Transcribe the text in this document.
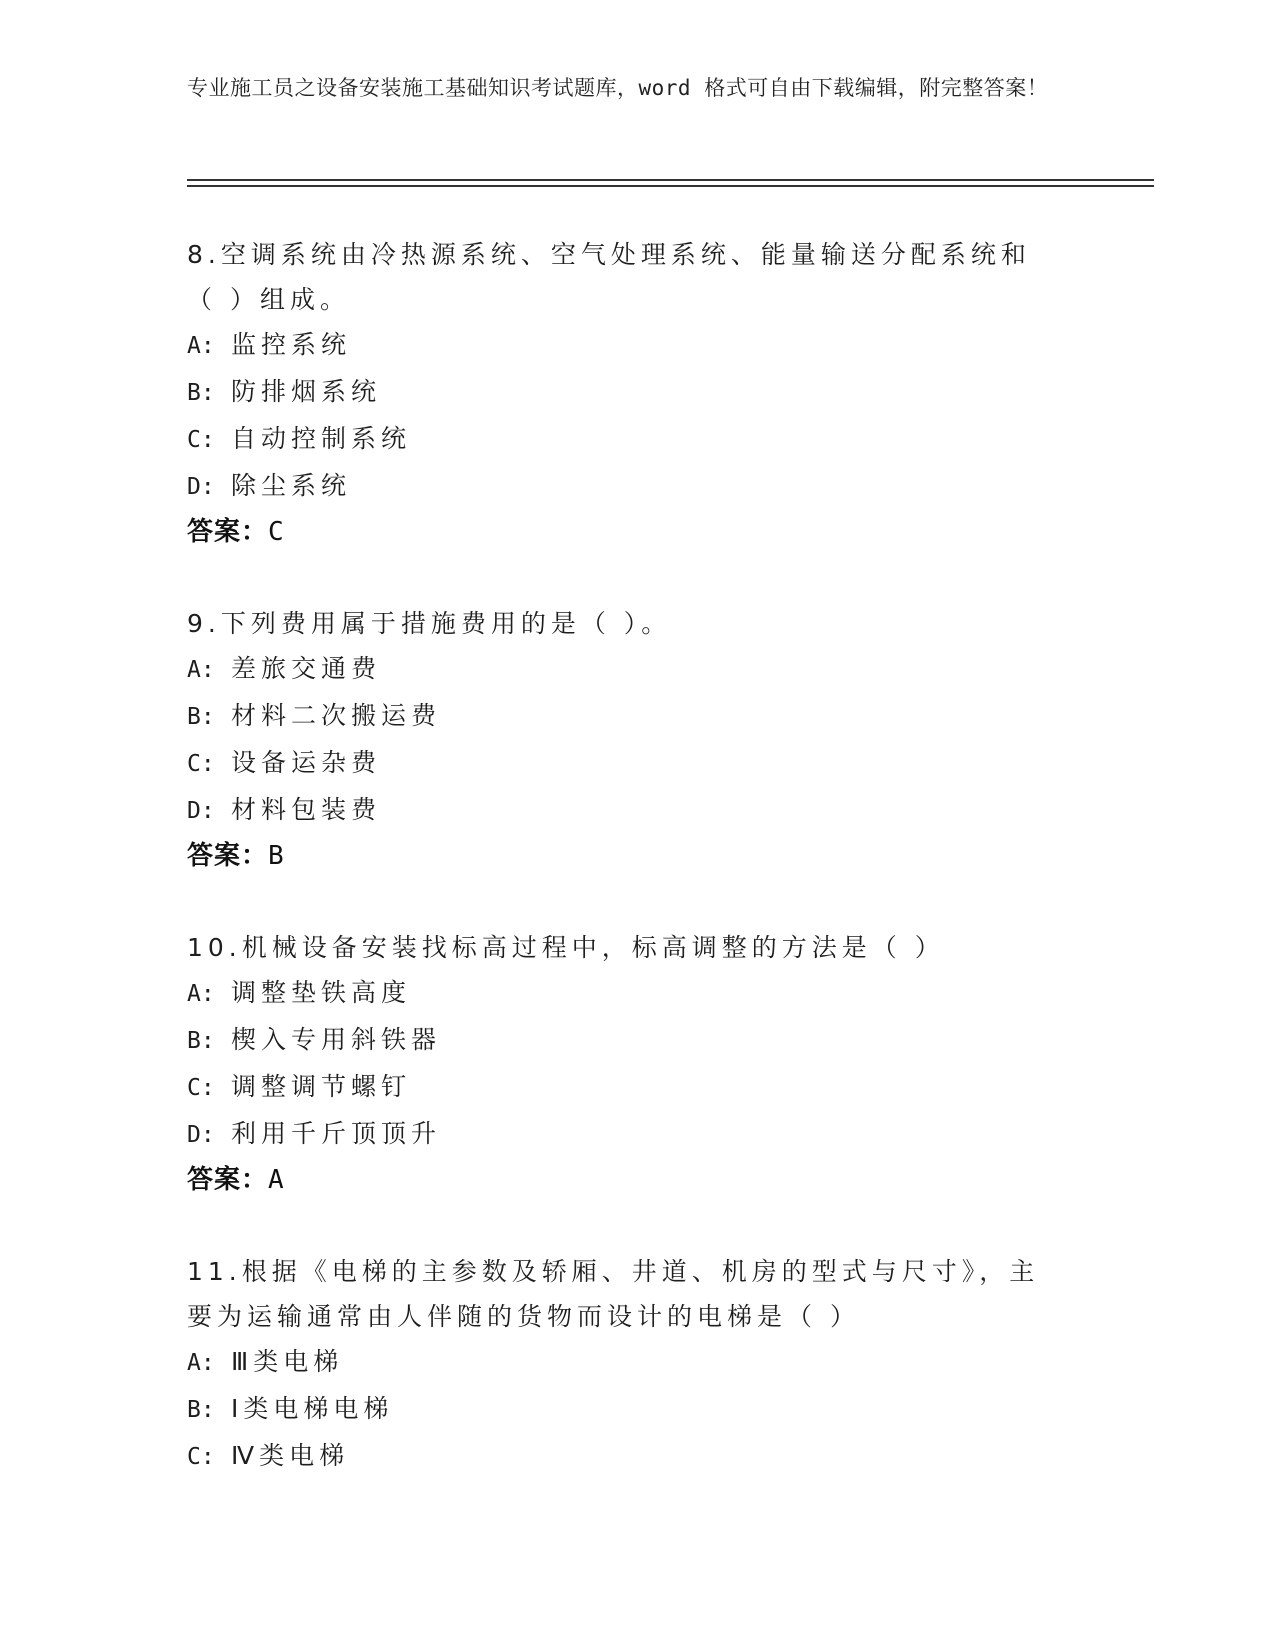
专业施工员之设备安装施工基础知识考试题库，word 格式可自由下载编辑，附完整答案！

8.空调系统由冷热源系统、空气处理系统、能量输送分配系统和（ ）组成。

A: 监控系统
B: 防排烟系统
C: 自动控制系统
D: 除尘系统
答案：C

9.下列费用属于措施费用的是（ ）。

A: 差旅交通费
B: 材料二次搬运费
C: 设备运杂费
D: 材料包装费
答案：B

10.机械设备安装找标高过程中，标高调整的方法是（ ）

A: 调整垫铁高度
B: 楔入专用斜铁器
C: 调整调节螺钉
D: 利用千斤顶顶升
答案：A

11.根据《电梯的主参数及轿厢、井道、机房的型式与尺寸》，主要为运输通常由人伴随的货物而设计的电梯是（ ）

A: Ⅲ类电梯
B: Ⅰ类电梯电梯
C: Ⅳ类电梯
